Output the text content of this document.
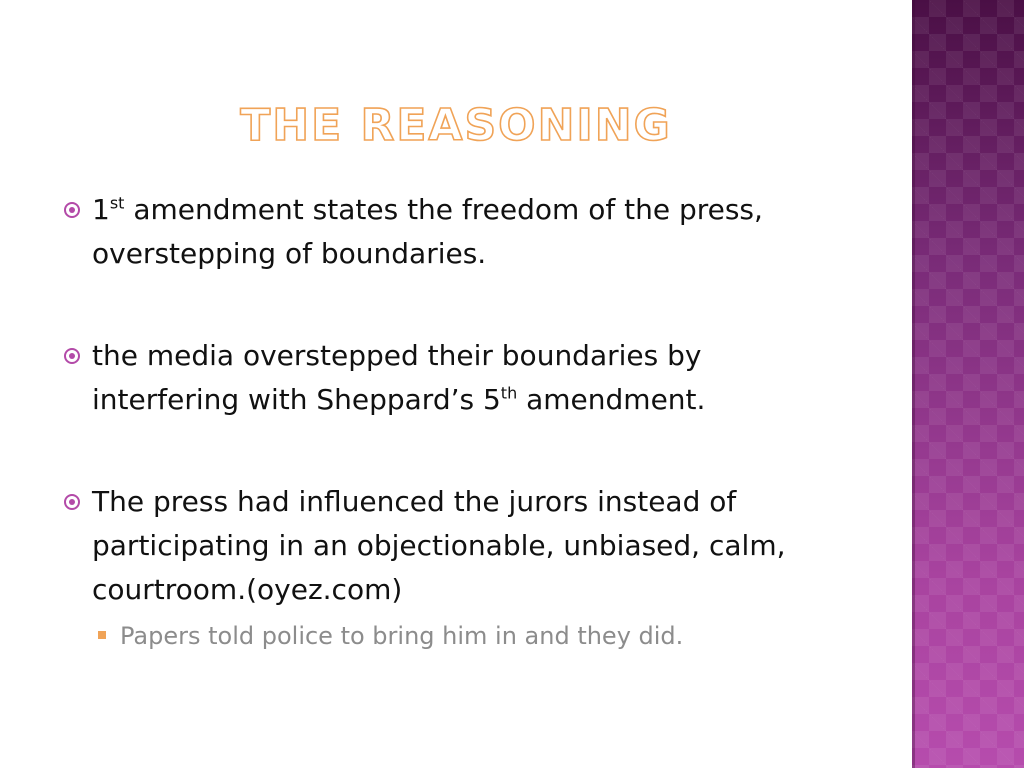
THE REASONING
1st amendment states the freedom of the press, overstepping of boundaries.
the media overstepped their boundaries by interfering with Sheppard’s 5th amendment.
The press had influenced the jurors instead of participating in an objectionable, unbiased, calm, courtroom.(oyez.com)
Papers told police to bring him in and they did.
